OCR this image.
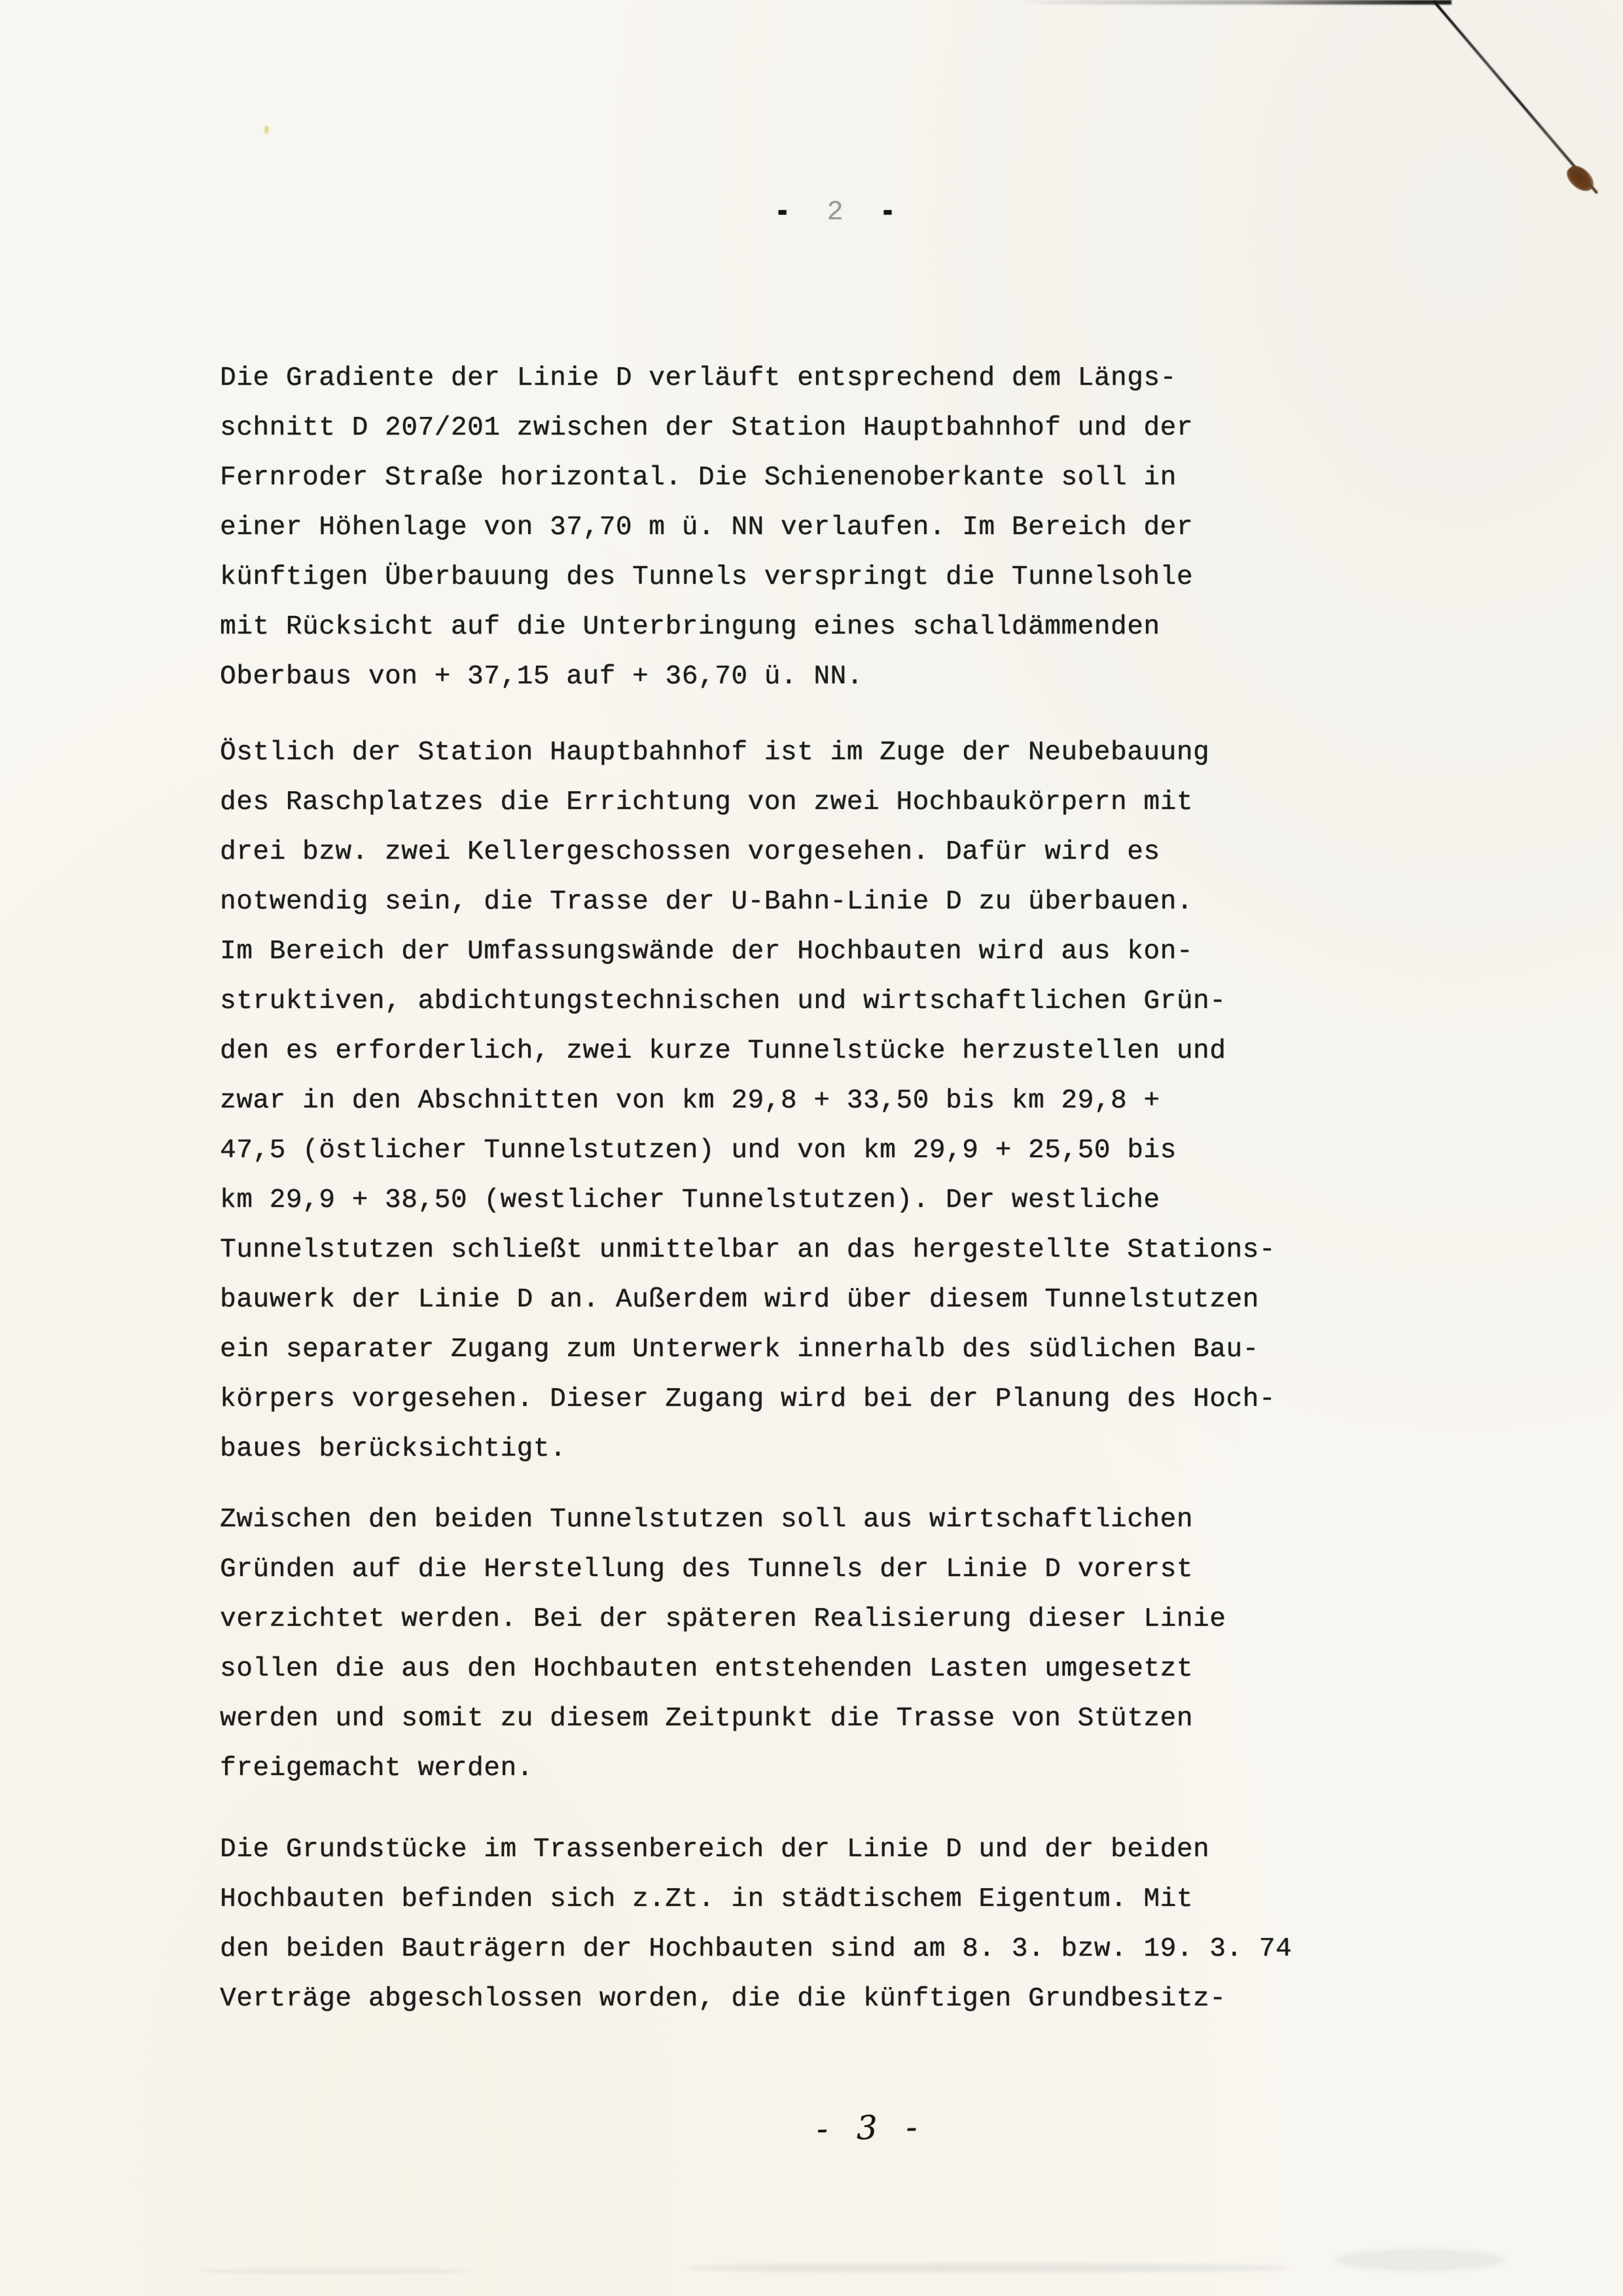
- 2 -
Die Gradiente der Linie D verläuft entsprechend dem Längs-
schnitt D 207/201 zwischen der Station Hauptbahnhof und der
Fernroder Straße horizontal. Die Schienenoberkante soll in
einer Höhenlage von 37,70 m ü. NN verlaufen. Im Bereich der
künftigen Überbauung des Tunnels verspringt die Tunnelsohle
mit Rücksicht auf die Unterbringung eines schalldämmenden
Oberbaus von + 37,15 auf + 36,70 ü. NN.
Östlich der Station Hauptbahnhof ist im Zuge der Neubebauung
des Raschplatzes die Errichtung von zwei Hochbaukörpern mit
drei bzw. zwei Kellergeschossen vorgesehen. Dafür wird es
notwendig sein, die Trasse der U-Bahn-Linie D zu überbauen.
Im Bereich der Umfassungswände der Hochbauten wird aus kon-
struktiven, abdichtungstechnischen und wirtschaftlichen Grün-
den es erforderlich, zwei kurze Tunnelstücke herzustellen und
zwar in den Abschnitten von km 29,8 + 33,50 bis km 29,8 +
47,5 (östlicher Tunnelstutzen) und von km 29,9 + 25,50 bis
km 29,9 + 38,50 (westlicher Tunnelstutzen). Der westliche
Tunnelstutzen schließt unmittelbar an das hergestellte Stations-
bauwerk der Linie D an. Außerdem wird über diesem Tunnelstutzen
ein separater Zugang zum Unterwerk innerhalb des südlichen Bau-
körpers vorgesehen. Dieser Zugang wird bei der Planung des Hoch-
baues berücksichtigt.
Zwischen den beiden Tunnelstutzen soll aus wirtschaftlichen
Gründen auf die Herstellung des Tunnels der Linie D vorerst
verzichtet werden. Bei der späteren Realisierung dieser Linie
sollen die aus den Hochbauten entstehenden Lasten umgesetzt
werden und somit zu diesem Zeitpunkt die Trasse von Stützen
freigemacht werden.
Die Grundstücke im Trassenbereich der Linie D und der beiden
Hochbauten befinden sich z.Zt. in städtischem Eigentum. Mit
den beiden Bauträgern der Hochbauten sind am 8. 3. bzw. 19. 3. 74
Verträge abgeschlossen worden, die die künftigen Grundbesitz-
- 3 -
